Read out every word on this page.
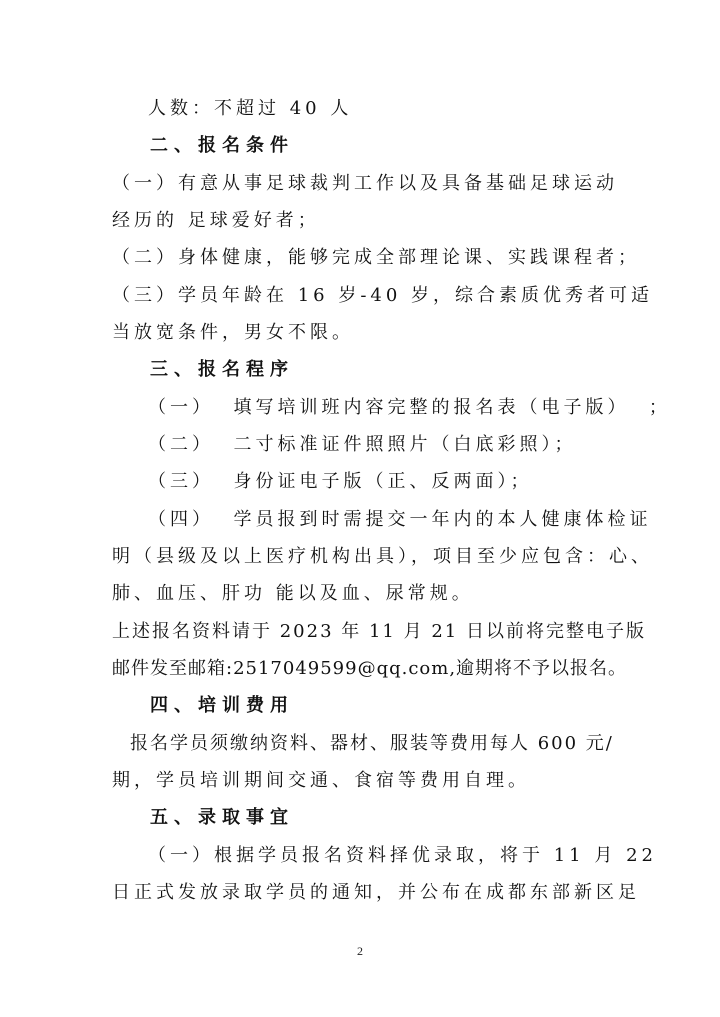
人数：不超过 40 人
二、报名条件
（一）有意从事足球裁判工作以及具备基础足球运动
经历的 足球爱好者；
（二）身体健康，能够完成全部理论课、实践课程者；
（三）学员年龄在 16 岁-40 岁，综合素质优秀者可适
当放宽条件，男女不限。
三、报名程序
（一）  填写培训班内容完整的报名表（电子版）  ；
（二）  二寸标准证件照照片（白底彩照）；
（三）  身份证电子版（正、反两面）；
（四）  学员报到时需提交一年内的本人健康体检证
明（县级及以上医疗机构出具），项目至少应包含：心、
肺、血压、肝功 能以及血、尿常规。
上述报名资料请于 2023 年 11 月 21 日以前将完整电子版
邮件发至邮箱:2517049599@qq.com,逾期将不予以报名。
四、培训费用
报名学员须缴纳资料、器材、服装等费用每人 600 元/
期，学员培训期间交通、食宿等费用自理。
五、录取事宜
（一）根据学员报名资料择优录取，将于 11 月 22
日正式发放录取学员的通知，并公布在成都东部新区足
2
